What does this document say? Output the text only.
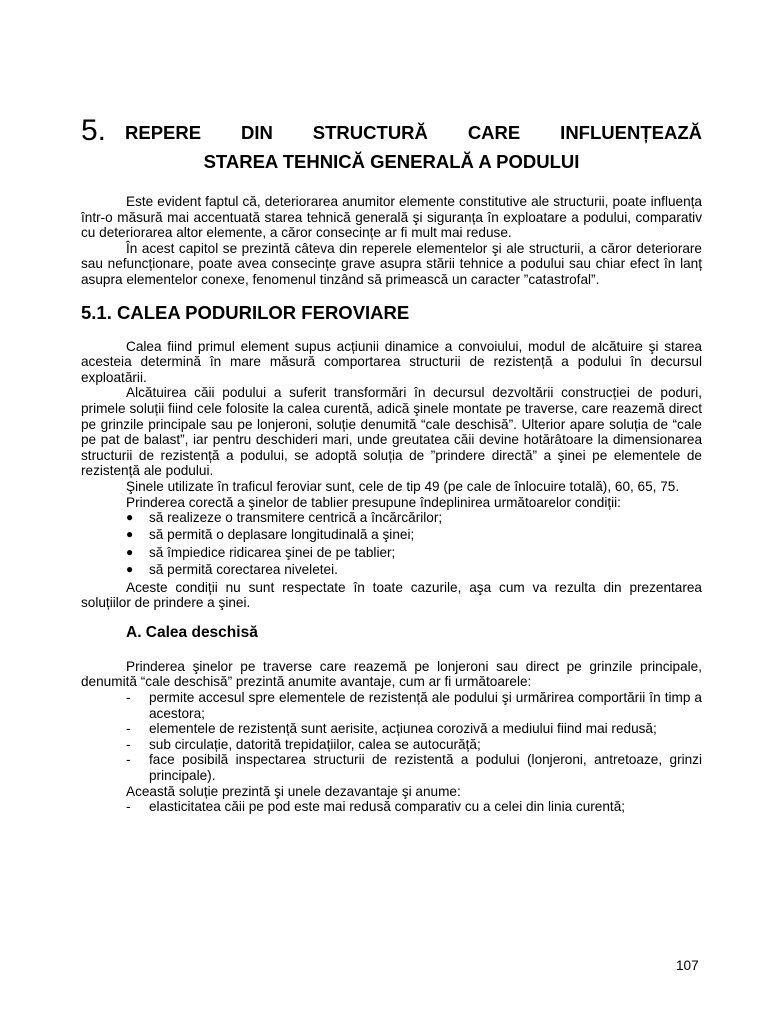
5.	REPERE DIN STRUCTURĂ CARE INFLUENȚEAZĂ
STAREA TEHNICĂ GENERALĂ A PODULUI

Este evident faptul că, deteriorarea anumitor elemente constitutive ale structurii, poate influența într-o măsură mai accentuată starea tehnică generală şi siguranța în exploatare a podului, comparativ cu deteriorarea altor elemente, a căror consecințe ar fi mult mai reduse.

În acest capitol se prezintă câteva din reperele elementelor şi ale structurii, a căror deteriorare sau nefuncționare, poate avea consecințe grave asupra stării tehnice a podului sau chiar efect în lanț asupra elementelor conexe, fenomenul tinzând să primească un caracter ”catastrofal”.

5.1. CALEA PODURILOR FEROVIARE

Calea fiind primul element supus acțiunii dinamice a convoiului, modul de alcătuire şi starea acesteia determină în mare măsură comportarea structurii de rezistență a podului în decursul exploatării.

Alcătuirea căii podului a suferit transformări în decursul dezvoltării construcției de poduri, primele soluții fiind cele folosite la calea curentă, adică şinele montate pe traverse, care reazemă direct pe grinzile principale sau pe lonjeroni, soluție denumită “cale deschisă”. Ulterior apare soluția de “cale pe pat de balast”, iar pentru deschideri mari, unde greutatea căii devine hotărâtoare la dimensionarea structurii de rezistență a podului, se adoptă soluția de ”prindere directă” a şinei pe elementele de rezistență ale podului.

Şinele utilizate în traficul feroviar sunt, cele de tip 49 (pe cale de înlocuire totală), 60, 65, 75.

Prinderea corectă a şinelor de tablier presupune îndeplinirea următoarelor condiții:

● să realizeze o transmitere centrică a încărcărilor;
● să permită o deplasare longitudinală a şinei;
● să împiedice ridicarea şinei de pe tablier;
● să permită corectarea niveletei.

Aceste condiții nu sunt respectate în toate cazurile, aşa cum va rezulta din prezentarea soluțiilor de prindere a şinei.

A. Calea deschisă

Prinderea şinelor pe traverse care reazemă pe lonjeroni sau direct pe grinzile principale, denumită “cale deschisă” prezintă anumite avantaje, cum ar fi următoarele:

- permite accesul spre elementele de rezistență ale podului şi urmărirea comportării în timp a acestora;
- elementele de rezistență sunt aerisite, acțiunea corozivă a mediului fiind mai redusă;
- sub circulație, datorită trepidațiilor, calea se autocurăță;
- face posibilă inspectarea structurii de rezistentă a podului (lonjeroni, antretoaze, grinzi principale).

Această soluție prezintă şi unele dezavantaje şi anume:

- elasticitatea căii pe pod este mai redusă comparativ cu a celei din linia curentă;
107
